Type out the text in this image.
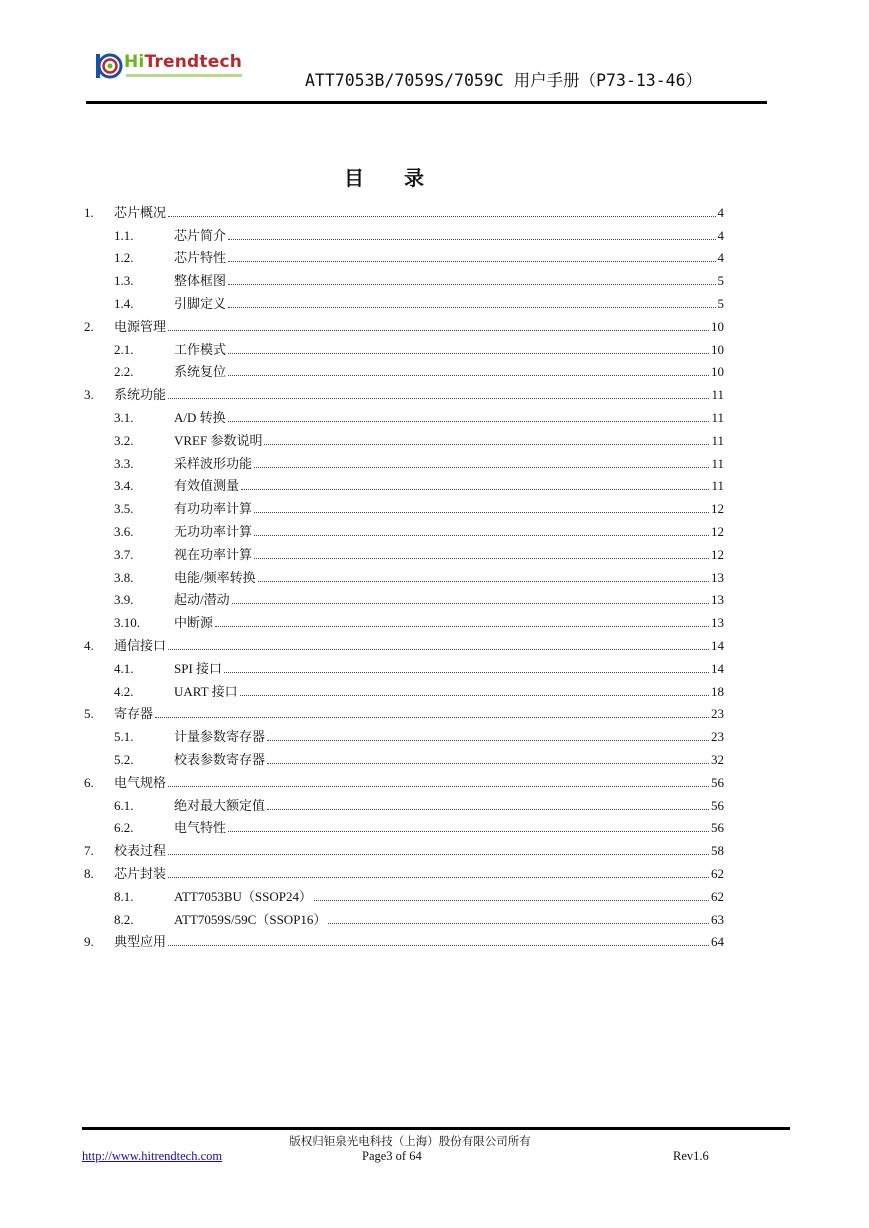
HiTrendtech
ATT7053B/7059S/7059C 用户手册（P73-13-46）
目录
1.	芯片概况	4
1.1.	芯片简介	4
1.2.	芯片特性	4
1.3.	整体框图	5
1.4.	引脚定义	5
2.	电源管理	10
2.1.	工作模式	10
2.2.	系统复位	10
3.	系统功能	11
3.1.	A/D 转换	11
3.2.	VREF 参数说明	11
3.3.	采样波形功能	11
3.4.	有效值测量	11
3.5.	有功功率计算	12
3.6.	无功功率计算	12
3.7.	视在功率计算	12
3.8.	电能/频率转换	13
3.9.	起动/潜动	13
3.10.	中断源	13
4.	通信接口	14
4.1.	SPI 接口	14
4.2.	UART 接口	18
5.	寄存器	23
5.1.	计量参数寄存器	23
5.2.	校表参数寄存器	32
6.	电气规格	56
6.1.	绝对最大额定值	56
6.2.	电气特性	56
7.	校表过程	58
8.	芯片封装	62
8.1.	ATT7053BU（SSOP24）	62
8.2.	ATT7059S/59C（SSOP16）	63
9.	典型应用	64
版权归钜泉光电科技（上海）股份有限公司所有
http://www.hitrendtech.com	Page3 of 64	Rev1.6
